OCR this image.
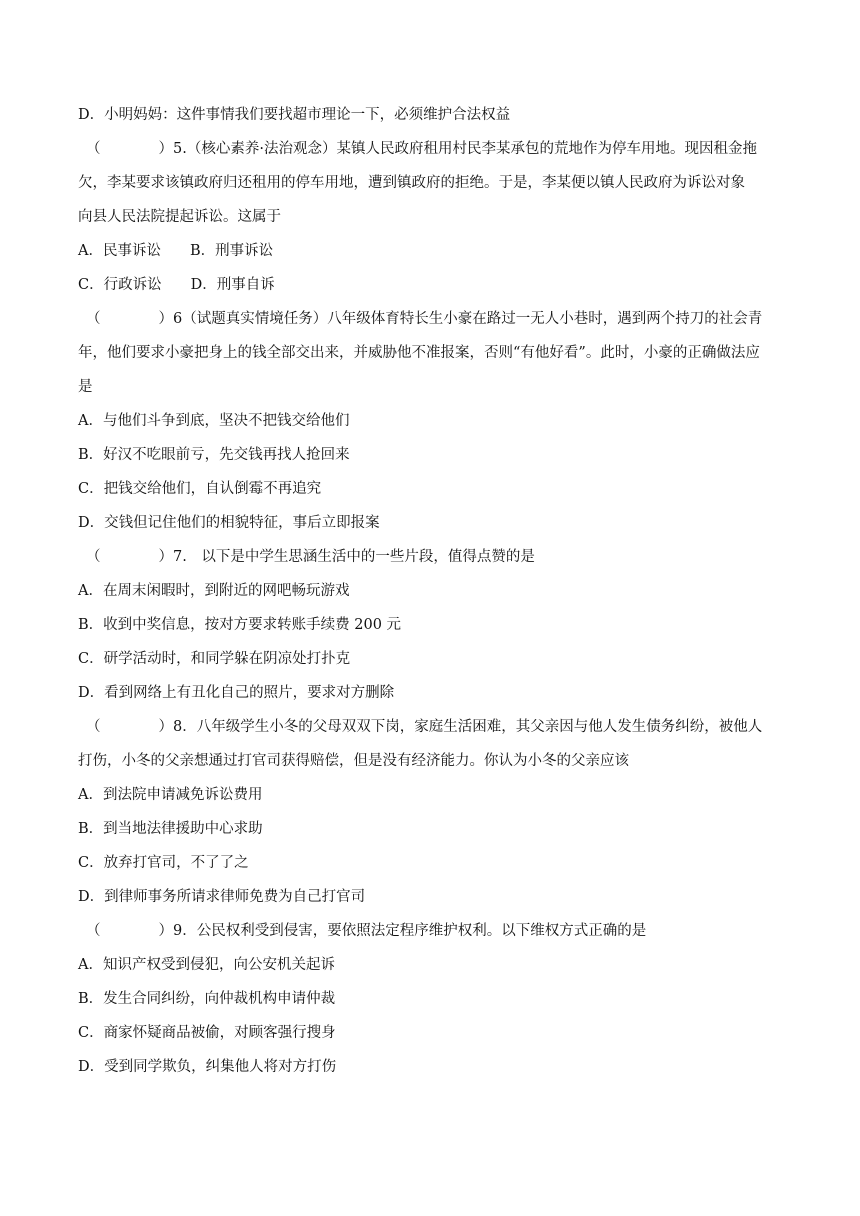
D．小明妈妈：这件事情我们要找超市理论一下，必须维护合法权益
（　　　　）5.（核心素养·法治观念）某镇人民政府租用村民李某承包的荒地作为停车用地。现因租金拖
欠，李某要求该镇政府归还租用的停车用地，遭到镇政府的拒绝。于是，李某便以镇人民政府为诉讼对象
向县人民法院提起诉讼。这属于
A．民事诉讼　　B．刑事诉讼
C．行政诉讼　　D．刑事自诉
（　　　　）6（试题真实情境任务）八年级体育特长生小豪在路过一无人小巷时，遇到两个持刀的社会青
年，他们要求小豪把身上的钱全部交出来，并威胁他不准报案，否则“有他好看”。此时，小豪的正确做法应
是
A．与他们斗争到底，坚决不把钱交给他们
B．好汉不吃眼前亏，先交钱再找人抢回来
C．把钱交给他们，自认倒霉不再追究
D．交钱但记住他们的相貌特征，事后立即报案
（　　　　）7.　以下是中学生思涵生活中的一些片段，值得点赞的是
A．在周末闲暇时，到附近的网吧畅玩游戏
B．收到中奖信息，按对方要求转账手续费 200 元
C．研学活动时，和同学躲在阴凉处打扑克
D．看到网络上有丑化自己的照片，要求对方删除
（　　　　）8．八年级学生小冬的父母双双下岗，家庭生活困难，其父亲因与他人发生债务纠纷，被他人
打伤，小冬的父亲想通过打官司获得赔偿，但是没有经济能力。你认为小冬的父亲应该
A．到法院申请减免诉讼费用
B．到当地法律援助中心求助
C．放弃打官司，不了了之
D．到律师事务所请求律师免费为自己打官司
（　　　　）9．公民权利受到侵害，要依照法定程序维护权利。以下维权方式正确的是
A．知识产权受到侵犯，向公安机关起诉
B．发生合同纠纷，向仲裁机构申请仲裁
C．商家怀疑商品被偷，对顾客强行搜身
D．受到同学欺负，纠集他人将对方打伤
